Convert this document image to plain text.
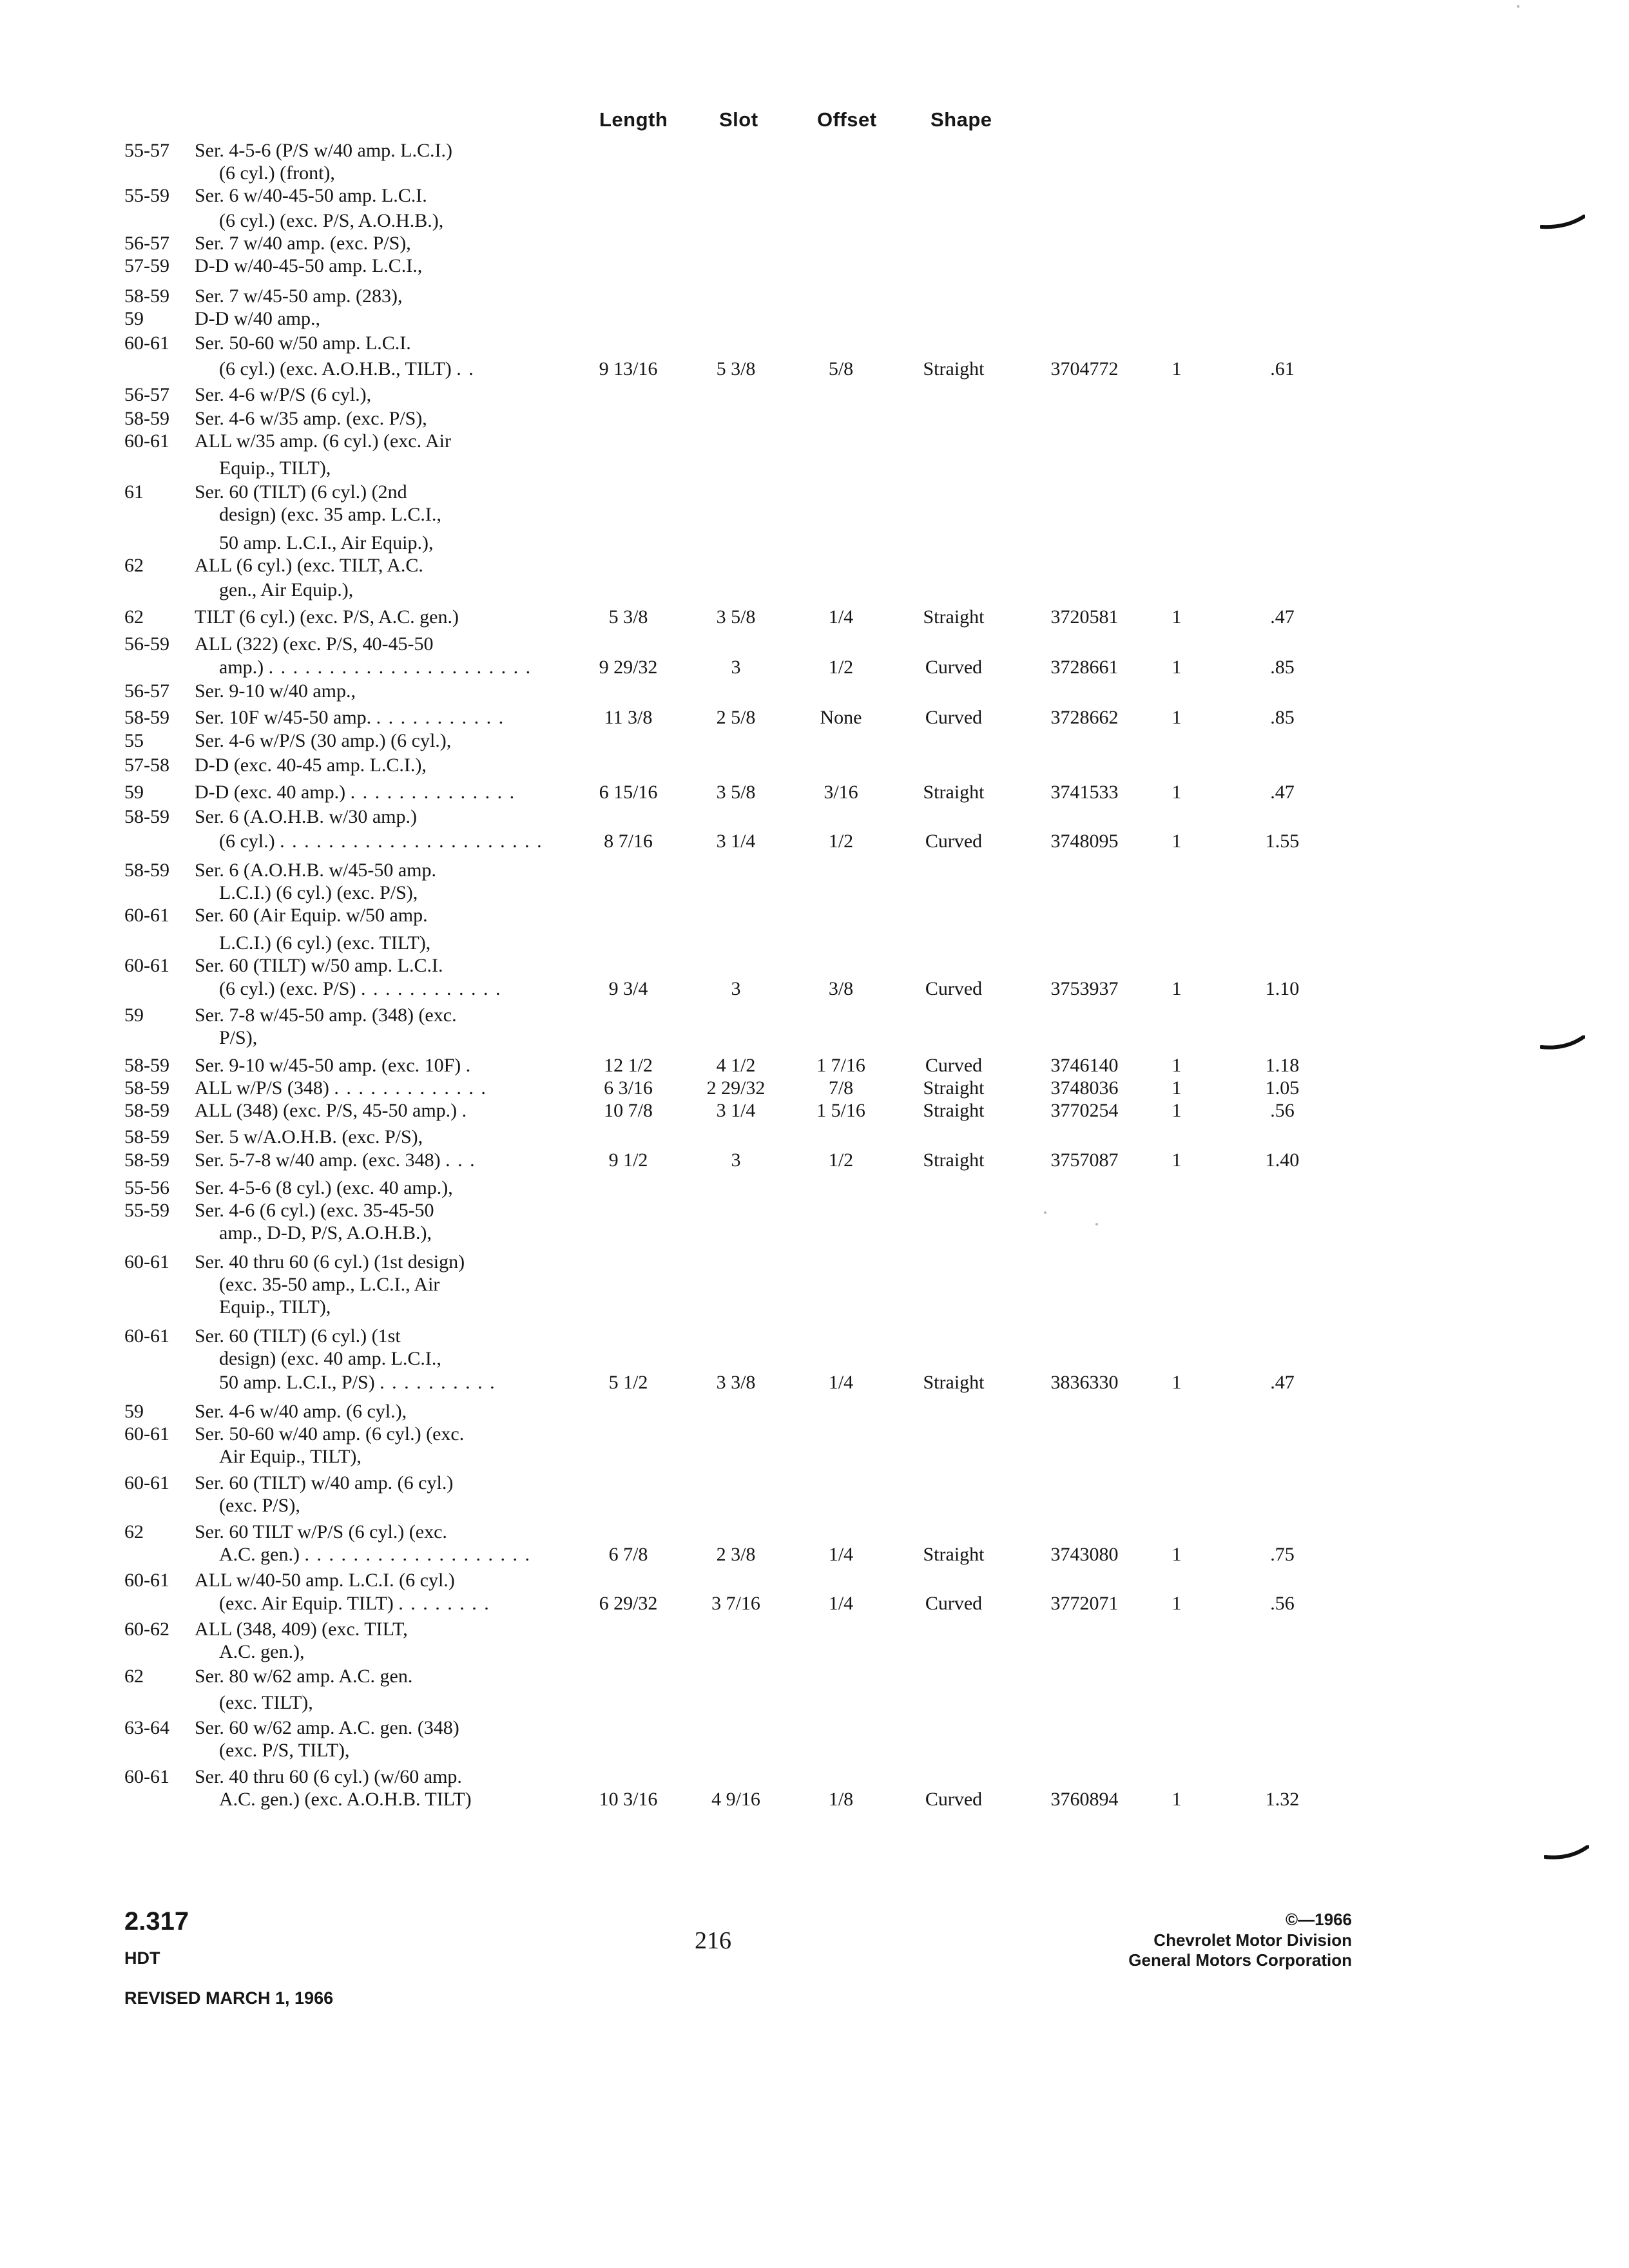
Length	Slot	Offset	Shape
55-57 Ser. 4-5-6 (P/S w/40 amp. L.C.I.)
(6 cyl.) (front),
55-59 Ser. 6 w/40-45-50 amp. L.C.I.
(6 cyl.) (exc. P/S, A.O.H.B.),
56-57 Ser. 7 w/40 amp. (exc. P/S),
57-59 D-D w/40-45-50 amp. L.C.I.,
58-59 Ser. 7 w/45-50 amp. (283),
59	D-D w/40 amp.,
60-61 Ser. 50-60 w/50 amp. L.C.I.
(6 cyl.) (exc. A.O.H.B., TILT) . .	9 13/16	5 3/8	5/8	Straight	3704772	1	.61
56-57 Ser. 4-6 w/P/S (6 cyl.),
58-59 Ser. 4-6 w/35 amp. (exc. P/S),
60-61 ALL w/35 amp. (6 cyl.) (exc. Air
Equip., TILT),
61	Ser. 60 (TILT) (6 cyl.) (2nd
design) (exc. 35 amp. L.C.I.,
50 amp. L.C.I., Air Equip.),
62	ALL (6 cyl.) (exc. TILT, A.C.
gen., Air Equip.),
62	TILT (6 cyl.) (exc. P/S, A.C. gen.)	5 3/8	3 5/8	1/4	Straight	3720581	1	.47
56-59 ALL (322) (exc. P/S, 40-45-50
amp.) . . . . . . . . . . . . . . . . . . . . . .	9 29/32	3	1/2	Curved	3728661	1	.85
56-57 Ser. 9-10 w/40 amp.,
58-59 Ser. 10F w/45-50 amp. . . . . . . . . . . .	11 3/8	2 5/8	None	Curved	3728662	1	.85
55	Ser. 4-6 w/P/S (30 amp.) (6 cyl.),
57-58 D-D (exc. 40-45 amp. L.C.I.),
59	D-D (exc. 40 amp.) . . . . . . . . . . . . . .	6 15/16	3 5/8	3/16	Straight	3741533	1	.47
58-59 Ser. 6 (A.O.H.B. w/30 amp.)
(6 cyl.) . . . . . . . . . . . . . . . . . . . . . .	8 7/16	3 1/4	1/2	Curved	3748095	1	1.55
58-59 Ser. 6 (A.O.H.B. w/45-50 amp.
L.C.I.) (6 cyl.) (exc. P/S),
60-61 Ser. 60 (Air Equip. w/50 amp.
L.C.I.) (6 cyl.) (exc. TILT),
60-61 Ser. 60 (TILT) w/50 amp. L.C.I.
(6 cyl.) (exc. P/S) . . . . . . . . . . . .	9 3/4	3	3/8	Curved	3753937	1	1.10
59	Ser. 7-8 w/45-50 amp. (348) (exc.
P/S),
58-59 Ser. 9-10 w/45-50 amp. (exc. 10F) .	12 1/2	4 1/2	1 7/16	Curved	3746140	1	1.18
58-59 ALL w/P/S (348) . . . . . . . . . . . . .	6 3/16	2 29/32	7/8	Straight	3748036	1	1.05
58-59 ALL (348) (exc. P/S, 45-50 amp.) .	10 7/8	3 1/4	1 5/16	Straight	3770254	1	.56
58-59 Ser. 5 w/A.O.H.B. (exc. P/S),
58-59 Ser. 5-7-8 w/40 amp. (exc. 348) . . .	9 1/2	3	1/2	Straight	3757087	1	1.40
55-56 Ser. 4-5-6 (8 cyl.) (exc. 40 amp.),
55-59 Ser. 4-6 (6 cyl.) (exc. 35-45-50
amp., D-D, P/S, A.O.H.B.),
60-61 Ser. 40 thru 60 (6 cyl.) (1st design)
(exc. 35-50 amp., L.C.I., Air
Equip., TILT),
60-61 Ser. 60 (TILT) (6 cyl.) (1st
design) (exc. 40 amp. L.C.I.,
50 amp. L.C.I., P/S) . . . . . . . . . .	5 1/2	3 3/8	1/4	Straight	3836330	1	.47
59	Ser. 4-6 w/40 amp. (6 cyl.),
60-61 Ser. 50-60 w/40 amp. (6 cyl.) (exc.
Air Equip., TILT),
60-61 Ser. 60 (TILT) w/40 amp. (6 cyl.)
(exc. P/S),
62	Ser. 60 TILT w/P/S (6 cyl.) (exc.
A.C. gen.) . . . . . . . . . . . . . . . . . . .	6 7/8	2 3/8	1/4	Straight	3743080	1	.75
60-61 ALL w/40-50 amp. L.C.I. (6 cyl.)
(exc. Air Equip. TILT) . . . . . . . .	6 29/32	3 7/16	1/4	Curved	3772071	1	.56
60-62 ALL (348, 409) (exc. TILT,
A.C. gen.),
62	Ser. 80 w/62 amp. A.C. gen.
(exc. TILT),
63-64 Ser. 60 w/62 amp. A.C. gen. (348)
(exc. P/S, TILT),
60-61 Ser. 40 thru 60 (6 cyl.) (w/60 amp.
A.C. gen.) (exc. A.O.H.B. TILT)	10 3/16	4 9/16	1/8	Curved	3760894	1	1.32
2.317
HDT
REVISED MARCH 1, 1966
216
©—1966
Chevrolet Motor Division
General Motors Corporation
